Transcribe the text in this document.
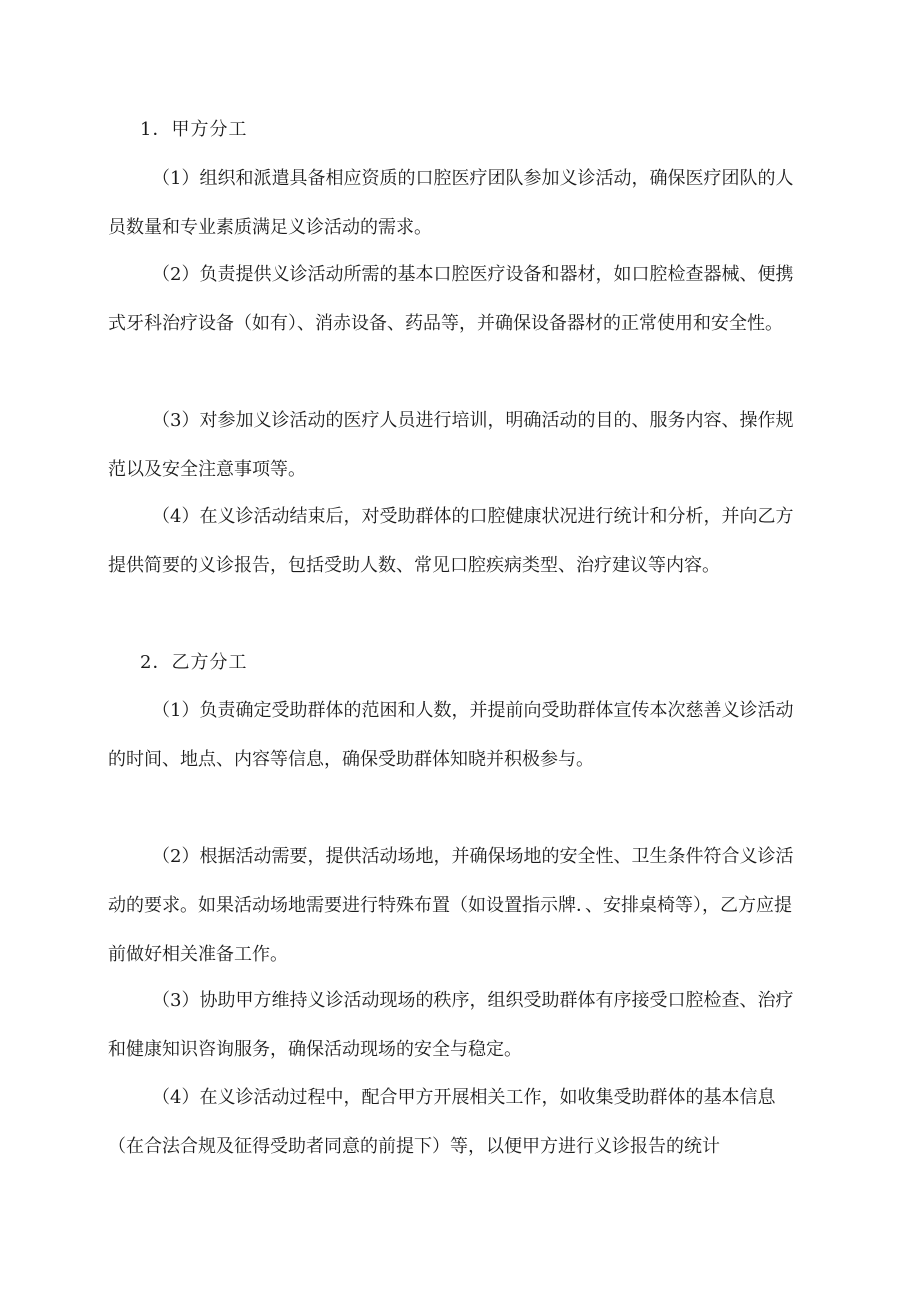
1．甲方分工

（1）组织和派遣具备相应资质的口腔医疗团队参加义诊活动，确保医疗团队的人员数量和专业素质满足义诊活动的需求。

（2）负责提供义诊活动所需的基本口腔医疗设备和器材，如口腔检查器械、便携式牙科治疗设备（如有）、消赤设备、药品等，并确保设备器材的正常使用和安全性。

（3）对参加义诊活动的医疗人员进行培训，明确活动的目的、服务内容、操作规范以及安全注意事项等。

（4）在义诊活动结束后，对受助群体的口腔健康状况进行统计和分析，并向乙方提供简要的义诊报告，包括受助人数、常见口腔疾病类型、治疗建议等内容。

2．乙方分工

（1）负责确定受助群体的范困和人数，并提前向受助群体宣传本次慈善义诊活动的时间、地点、内容等信息，确保受助群体知晓并积极参与。

（2）根据活动需要，提供活动场地，并确保场地的安全性、卫生条件符合义诊活动的要求。如果活动场地需要进行特殊布置（如设置指示牌．、安排桌椅等），乙方应提前做好相关准备工作。

（3）协助甲方维持义诊活动现场的秩序，组织受助群体有序接受口腔检查、治疗和健康知识咨询服务，确保活动现场的安全与稳定。

（4）在义诊活动过程中，配合甲方开展相关工作，如收集受助群体的基本信息（在合法合规及征得受助者同意的前提下）等，以便甲方进行义诊报告的统计
